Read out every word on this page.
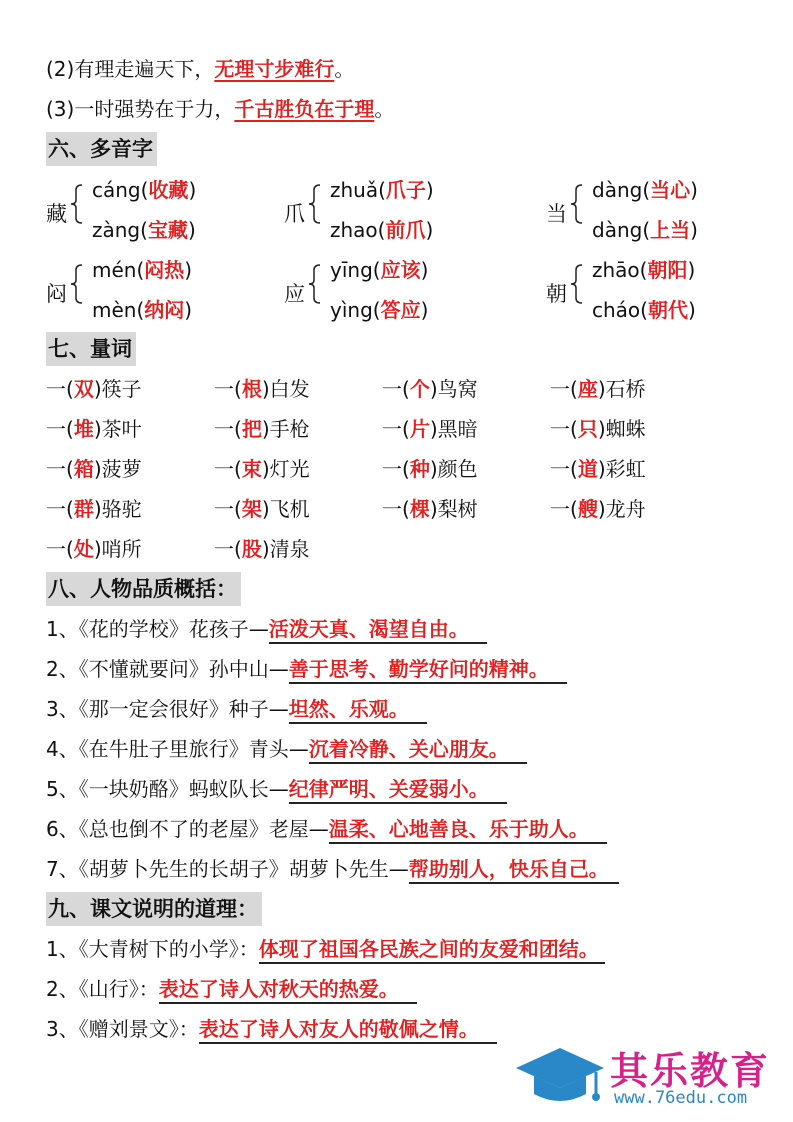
(2)有理走遍天下，无理寸步难行。
(3)一时强势在于力，千古胜负在于理。
六、多音字
藏
cáng(收藏)
zàng(宝藏)
爪
zhuǎ(爪子)
zhao(前爪)
当
dàng(当心)
dàng(上当)
闷
mén(闷热)
mèn(纳闷)
应
yīng(应该)
yìng(答应)
朝
zhāo(朝阳)
cháo(朝代)
七、量词
一(双)筷子	一(根)白发	一(个)鸟窝	一(座)石桥
一(堆)茶叶	一(把)手枪	一(片)黑暗	一(只)蜘蛛
一(箱)菠萝	一(束)灯光	一(种)颜色	一(道)彩虹
一(群)骆驼	一(架)飞机	一(棵)梨树	一(艘)龙舟
一(处)哨所	一(股)清泉
八、人物品质概括：
1、《花的学校》花孩子—活泼天真、渴望自由。
2、《不懂就要问》孙中山—善于思考、勤学好问的精神。
3、《那一定会很好》种子—坦然、乐观。
4、《在牛肚子里旅行》青头—沉着冷静、关心朋友。
5、《一块奶酪》蚂蚁队长—纪律严明、关爱弱小。
6、《总也倒不了的老屋》老屋—温柔、心地善良、乐于助人。
7、《胡萝卜先生的长胡子》胡萝卜先生—帮助别人，快乐自己。
九、课文说明的道理：
1、《大青树下的小学》：体现了祖国各民族之间的友爱和团结。
2、《山行》：表达了诗人对秋天的热爱。
3、《赠刘景文》：表达了诗人对友人的敬佩之情。
其乐教育
www.76edu.com
